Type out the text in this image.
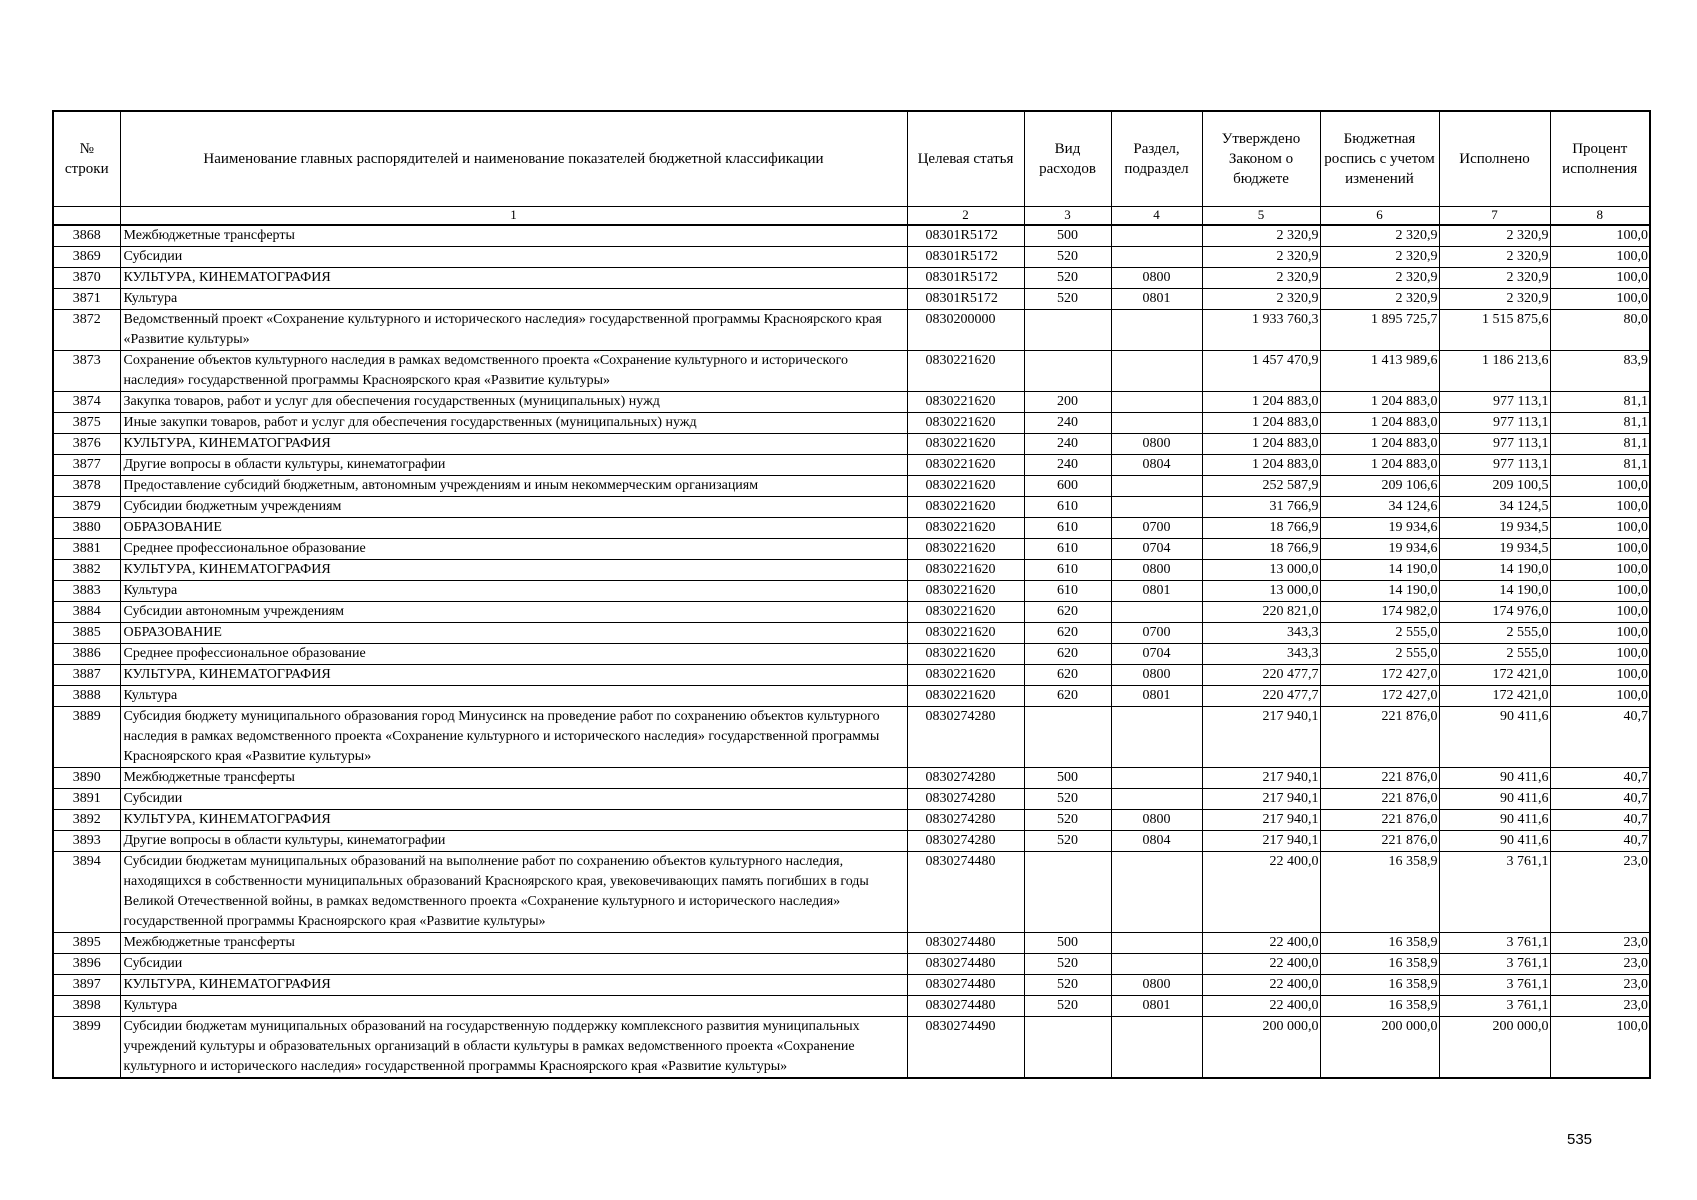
№ строки	Наименование главных распорядителей и наименование показателей бюджетной классификации	Целевая статья	Вид расходов	Раздел, подраздел	Утверждено Законом о бюджете	Бюджетная роспись с учетом изменений	Исполнено	Процент исполнения
	1	2	3	4	5	6	7	8
3868	Межбюджетные трансферты	08301R5172	500		2 320,9	2 320,9	2 320,9	100,0
3869	Субсидии	08301R5172	520		2 320,9	2 320,9	2 320,9	100,0
3870	КУЛЬТУРА, КИНЕМАТОГРАФИЯ	08301R5172	520	0800	2 320,9	2 320,9	2 320,9	100,0
3871	Культура	08301R5172	520	0801	2 320,9	2 320,9	2 320,9	100,0
3872	Ведомственный проект «Сохранение культурного и исторического наследия» государственной программы Красноярского края «Развитие культуры»	0830200000			1 933 760,3	1 895 725,7	1 515 875,6	80,0
3873	Сохранение объектов культурного наследия в рамках ведомственного проекта «Сохранение культурного и исторического наследия» государственной программы Красноярского края «Развитие культуры»	0830221620			1 457 470,9	1 413 989,6	1 186 213,6	83,9
3874	Закупка товаров, работ и услуг для обеспечения государственных (муниципальных) нужд	0830221620	200		1 204 883,0	1 204 883,0	977 113,1	81,1
3875	Иные закупки товаров, работ и услуг для обеспечения государственных (муниципальных) нужд	0830221620	240		1 204 883,0	1 204 883,0	977 113,1	81,1
3876	КУЛЬТУРА, КИНЕМАТОГРАФИЯ	0830221620	240	0800	1 204 883,0	1 204 883,0	977 113,1	81,1
3877	Другие вопросы в области культуры, кинематографии	0830221620	240	0804	1 204 883,0	1 204 883,0	977 113,1	81,1
3878	Предоставление субсидий бюджетным, автономным учреждениям и иным некоммерческим организациям	0830221620	600		252 587,9	209 106,6	209 100,5	100,0
3879	Субсидии бюджетным учреждениям	0830221620	610		31 766,9	34 124,6	34 124,5	100,0
3880	ОБРАЗОВАНИЕ	0830221620	610	0700	18 766,9	19 934,6	19 934,5	100,0
3881	Среднее профессиональное образование	0830221620	610	0704	18 766,9	19 934,6	19 934,5	100,0
3882	КУЛЬТУРА, КИНЕМАТОГРАФИЯ	0830221620	610	0800	13 000,0	14 190,0	14 190,0	100,0
3883	Культура	0830221620	610	0801	13 000,0	14 190,0	14 190,0	100,0
3884	Субсидии автономным учреждениям	0830221620	620		220 821,0	174 982,0	174 976,0	100,0
3885	ОБРАЗОВАНИЕ	0830221620	620	0700	343,3	2 555,0	2 555,0	100,0
3886	Среднее профессиональное образование	0830221620	620	0704	343,3	2 555,0	2 555,0	100,0
3887	КУЛЬТУРА, КИНЕМАТОГРАФИЯ	0830221620	620	0800	220 477,7	172 427,0	172 421,0	100,0
3888	Культура	0830221620	620	0801	220 477,7	172 427,0	172 421,0	100,0
3889	Субсидия бюджету муниципального образования город Минусинск на проведение работ по сохранению объектов культурного наследия в рамках ведомственного проекта «Сохранение культурного и исторического наследия» государственной программы Красноярского края «Развитие культуры»	0830274280			217 940,1	221 876,0	90 411,6	40,7
3890	Межбюджетные трансферты	0830274280	500		217 940,1	221 876,0	90 411,6	40,7
3891	Субсидии	0830274280	520		217 940,1	221 876,0	90 411,6	40,7
3892	КУЛЬТУРА, КИНЕМАТОГРАФИЯ	0830274280	520	0800	217 940,1	221 876,0	90 411,6	40,7
3893	Другие вопросы в области культуры, кинематографии	0830274280	520	0804	217 940,1	221 876,0	90 411,6	40,7
3894	Субсидии бюджетам муниципальных образований на выполнение работ по сохранению объектов культурного наследия, находящихся в собственности муниципальных образований Красноярского края, увековечивающих память погибших в годы Великой Отечественной войны, в рамках ведомственного проекта «Сохранение культурного и исторического наследия» государственной программы Красноярского края «Развитие культуры»	0830274480			22 400,0	16 358,9	3 761,1	23,0
3895	Межбюджетные трансферты	0830274480	500		22 400,0	16 358,9	3 761,1	23,0
3896	Субсидии	0830274480	520		22 400,0	16 358,9	3 761,1	23,0
3897	КУЛЬТУРА, КИНЕМАТОГРАФИЯ	0830274480	520	0800	22 400,0	16 358,9	3 761,1	23,0
3898	Культура	0830274480	520	0801	22 400,0	16 358,9	3 761,1	23,0
3899	Субсидии бюджетам муниципальных образований на государственную поддержку комплексного развития муниципальных учреждений культуры и образовательных организаций в области культуры в рамках ведомственного проекта «Сохранение культурного и исторического наследия» государственной программы Красноярского края «Развитие культуры»	0830274490			200 000,0	200 000,0	200 000,0	100,0
535
